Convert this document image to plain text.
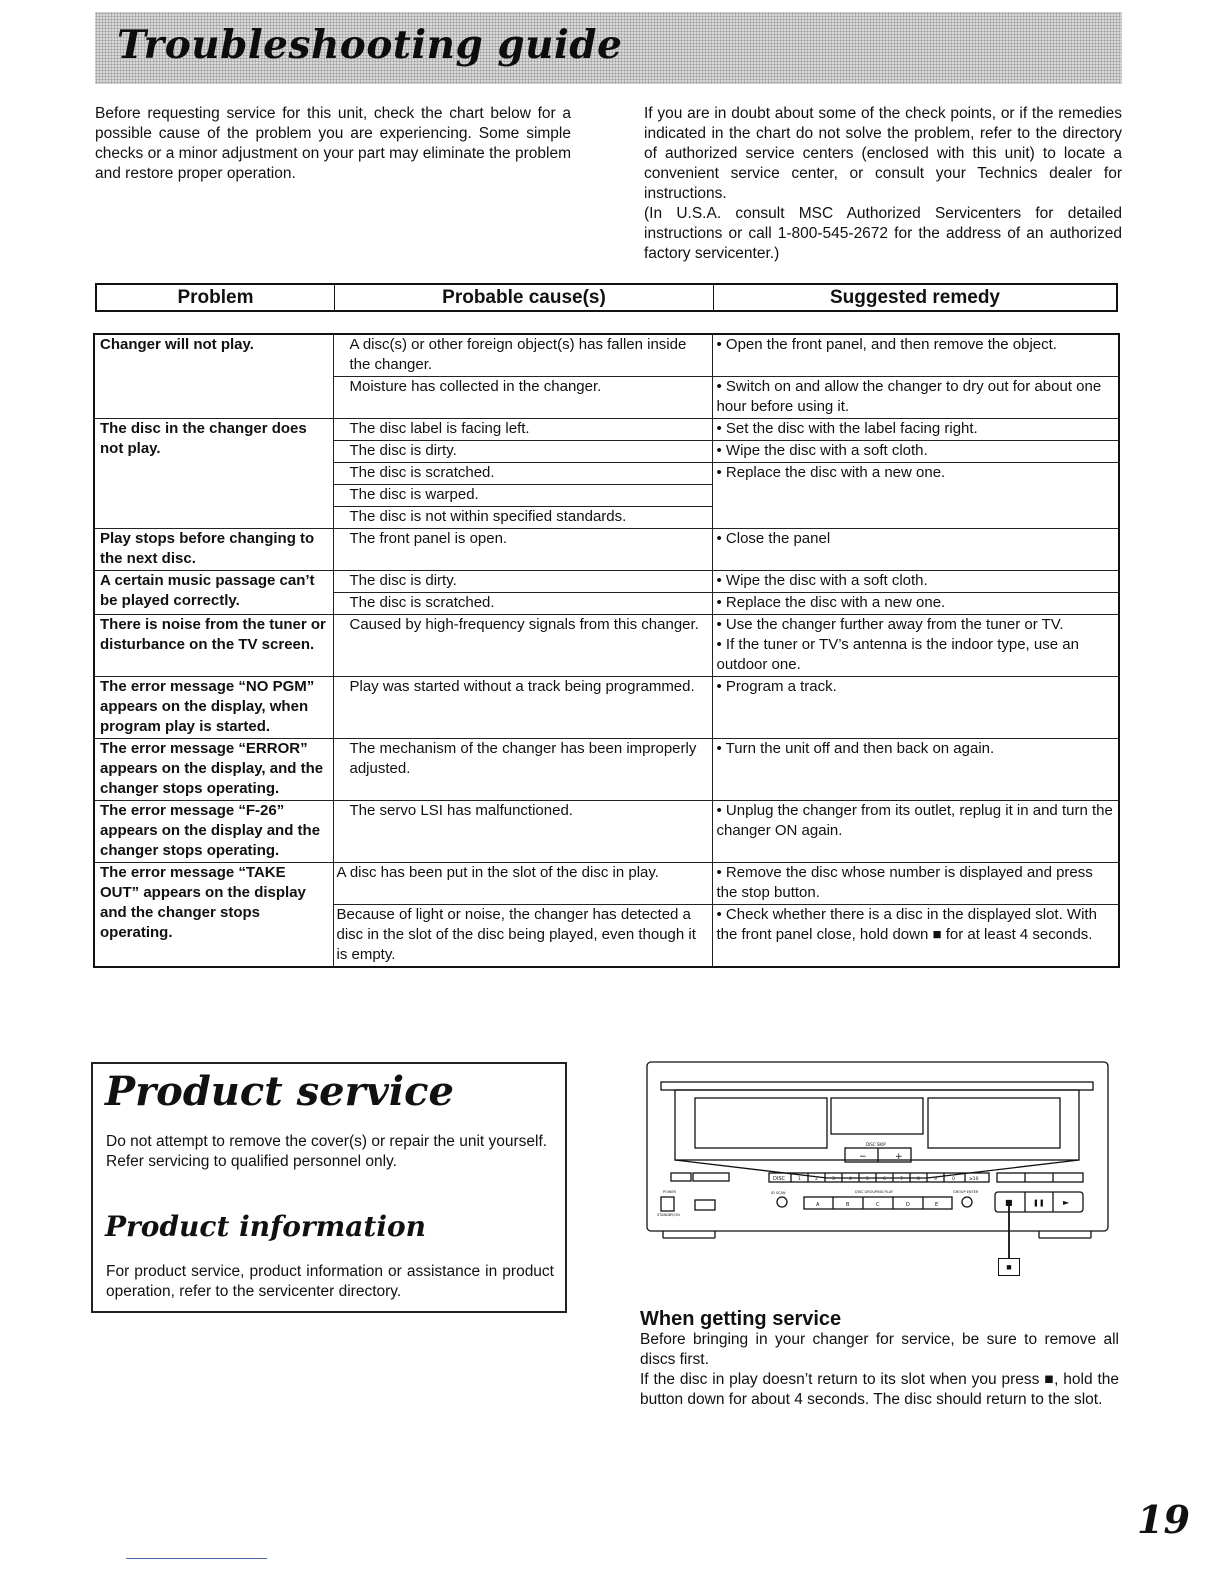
Troubleshooting guide

Before requesting service for this unit, check the chart below for a possible cause of the problem you are experiencing. Some simple checks or a minor adjustment on your part may eliminate the problem and restore proper operation.

If you are in doubt about some of the check points, or if the remedies indicated in the chart do not solve the problem, refer to the directory of authorized service centers (enclosed with this unit) to locate a convenient service center, or consult your Technics dealer for instructions.

(In U.S.A. consult MSC Authorized Servicenters for detailed instructions or call 1-800-545-2672 for the address of an authorized factory servicenter.)

Problem	Probable cause(s)	Suggested remedy
Changer will not play.	A disc(s) or other foreign object(s) has fallen inside the changer.	• Open the front panel, and then remove the object.
	Moisture has collected in the changer.	• Switch on and allow the changer to dry out for about one hour before using it.
The disc in the changer does not play.	The disc label is facing left.	• Set the disc with the label facing right.
	The disc is dirty.	• Wipe the disc with a soft cloth.
	The disc is scratched.	• Replace the disc with a new one.
	The disc is warped.	
	The disc is not within specified standards.	
Play stops before changing to the next disc.	The front panel is open.	• Close the panel
A certain music passage can’t be played correctly.	The disc is dirty.	• Wipe the disc with a soft cloth.
	The disc is scratched.	• Replace the disc with a new one.
There is noise from the tuner or disturbance on the TV screen.	Caused by high-frequency signals from this changer.	• Use the changer further away from the tuner or TV.
• If the tuner or TV’s antenna is the indoor type, use an outdoor one.

The error message “NO PGM” appears on the display, when program play is started.	Play was started without a track being programmed.	• Program a track.
The error message “ERROR” appears on the display, and the changer stops operating.	The mechanism of the changer has been improperly adjusted.	• Turn the unit off and then back on again.
The error message “F-26” appears on the display and the changer stops operating.	The servo LSI has malfunctioned.	• Unplug the changer from its outlet, replug it in and turn the changer ON again.
The error message “TAKE OUT” appears on the display and the changer stops operating.	A disc has been put in the slot of the disc in play.	• Remove the disc whose number is displayed and press the stop button.
	Because of light or noise, the changer has detected a disc in the slot of the disc being played, even though it is empty.	• Check whether there is a disc in the displayed slot. With the front panel close, hold down ■ for at least 4 seconds.
Product service

Do not attempt to remove the cover(s) or repair the unit yourself.

Refer servicing to qualified personnel only.

Product information
For product service, product information or assistance in product operation, refer to the servicenter directory.
DISC SKIP
−	+
DISC	1	2	3	4	5	6	7	8	9	0	≥10
POWER
STANDBY/ON
ID SCAN	DISC GROUPING PLAY	GROUP ENTER
A	B	C	D	E	■	❚❚ ►
■
When getting service

Before bringing in your changer for service, be sure to remove all discs first.

If the disc in play doesn’t return to its slot when you press ■, hold the button down for about 4 seconds. The disc should return to the slot.

19
